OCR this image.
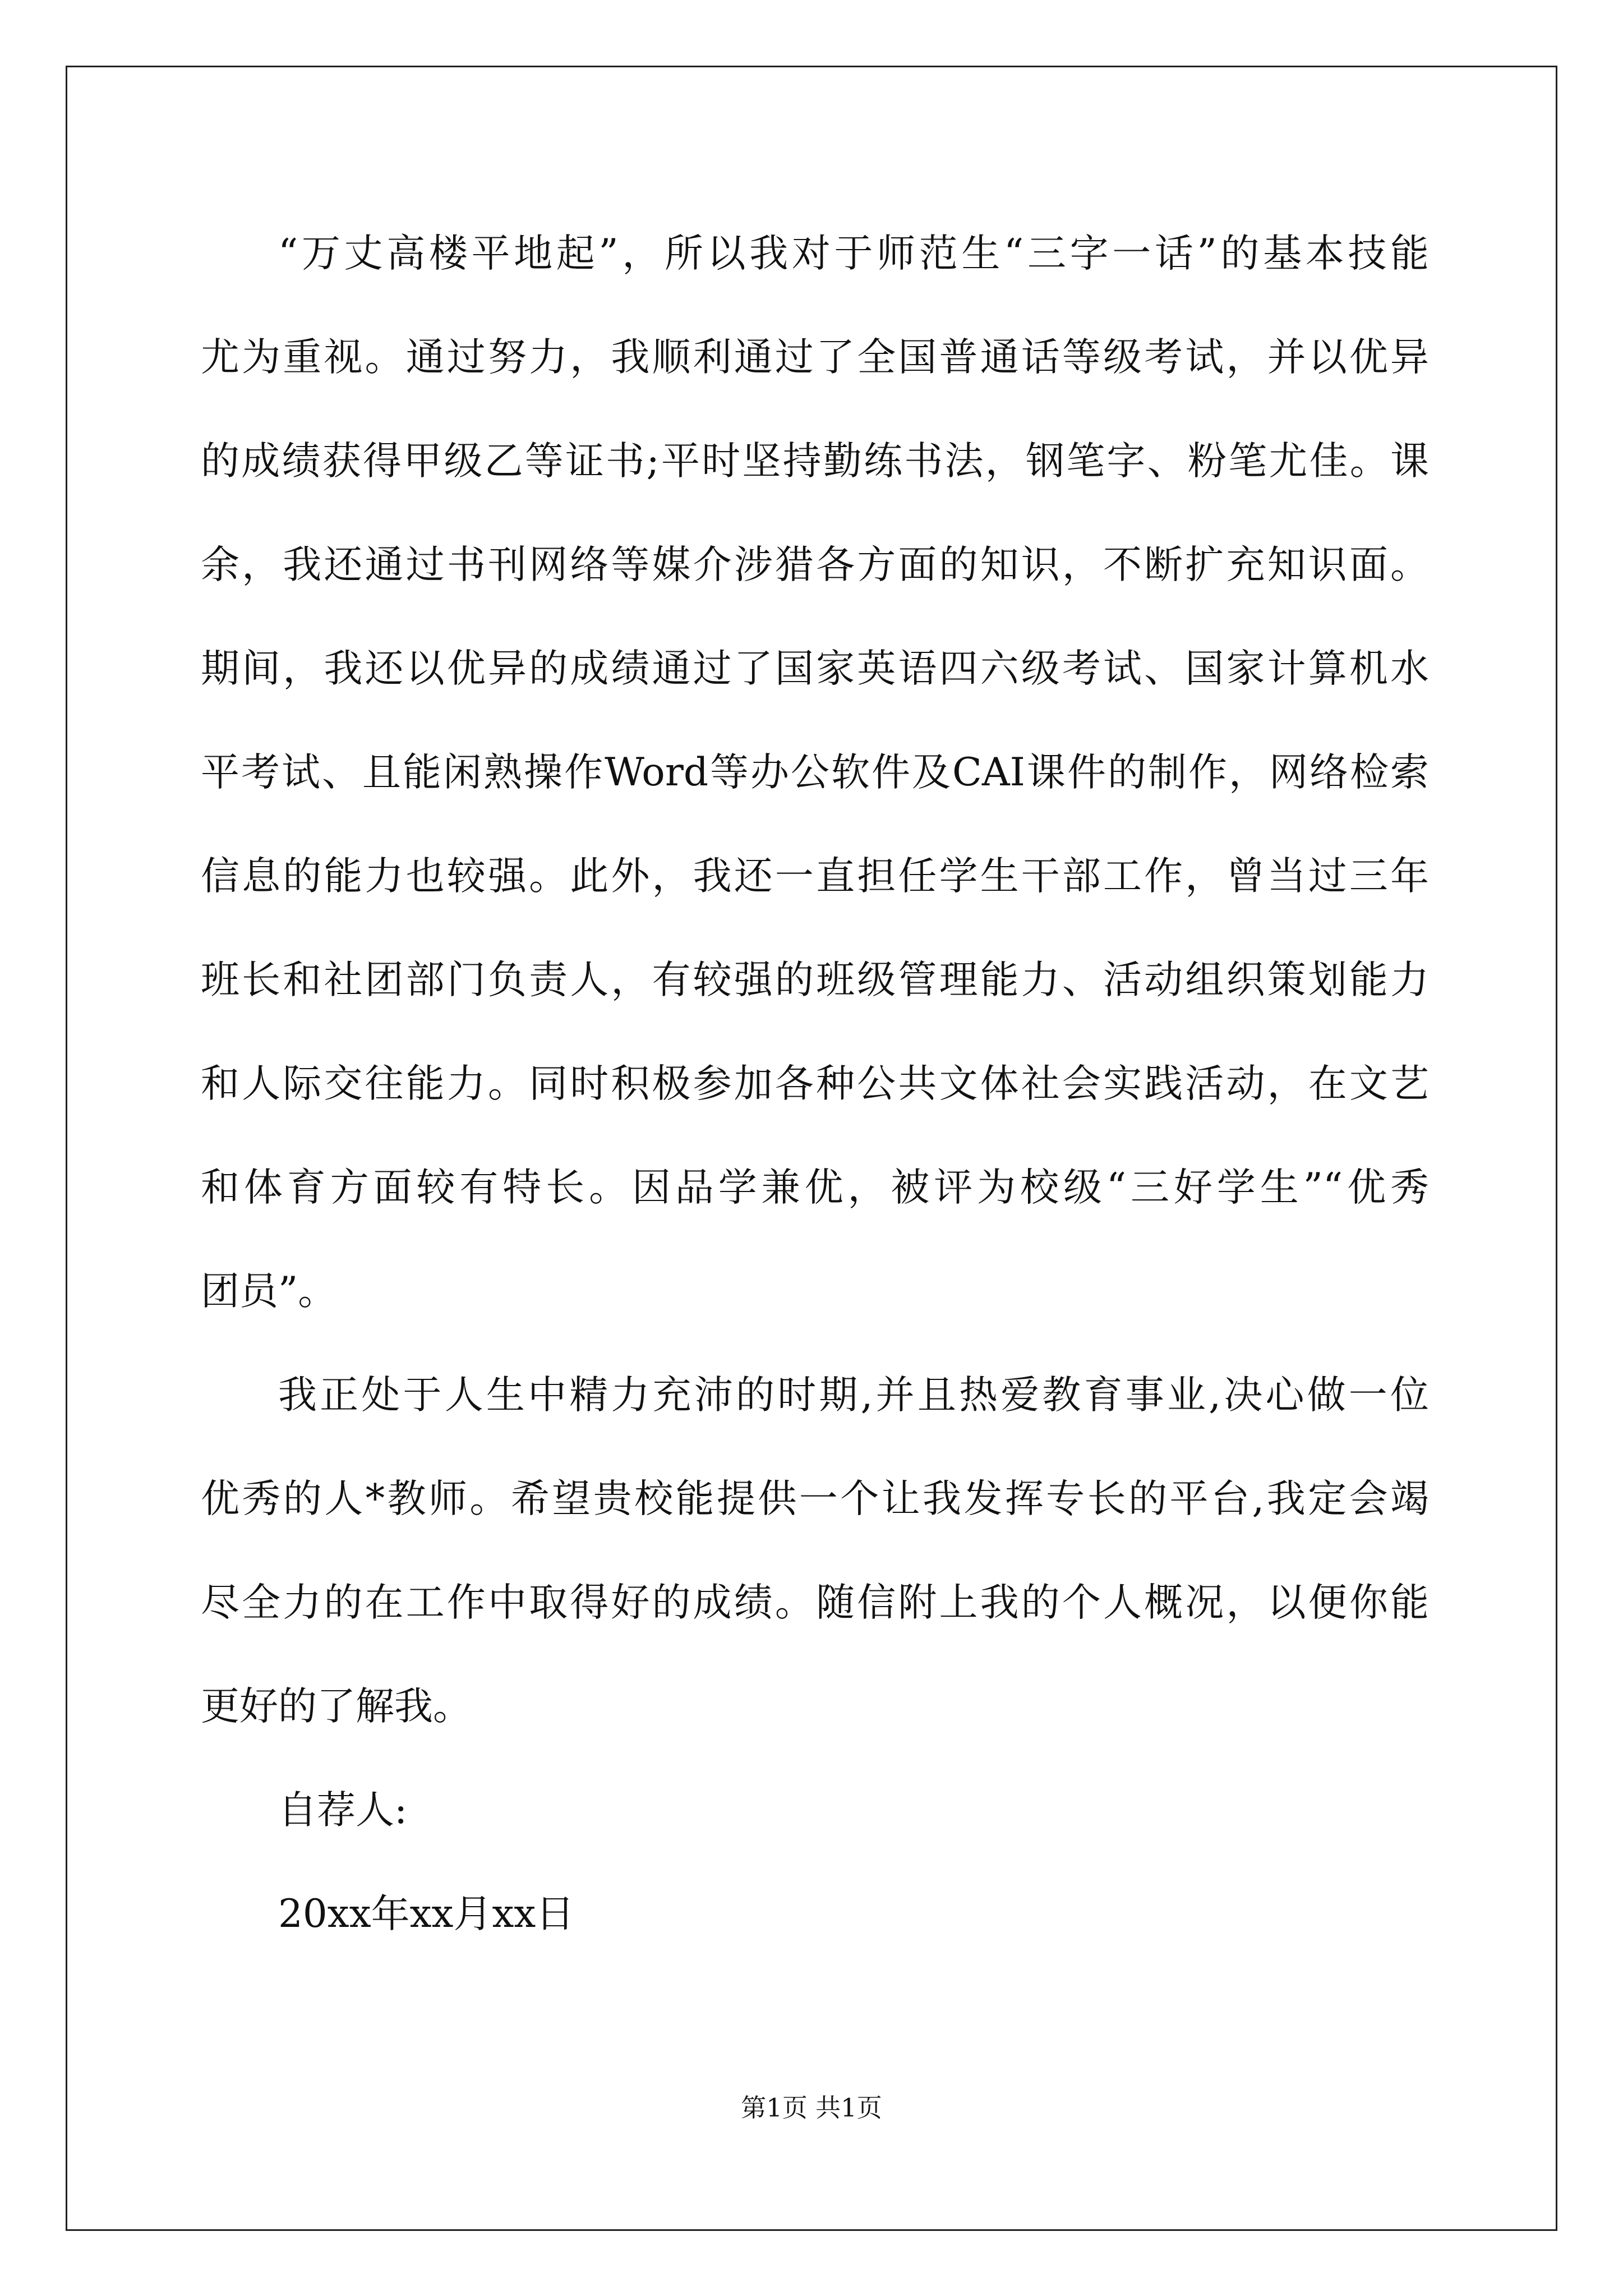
“万丈高楼平地起”，所以我对于师范生“三字一话”的基本技能
尤为重视。通过努力，我顺利通过了全国普通话等级考试，并以优异
的成绩获得甲级乙等证书;平时坚持勤练书法，钢笔字、粉笔尤佳。课
余，我还通过书刊网络等媒介涉猎各方面的知识，不断扩充知识面。
期间，我还以优异的成绩通过了国家英语四六级考试、国家计算机水
平考试、且能闲熟操作Word等办公软件及CAI课件的制作，网络检索
信息的能力也较强。此外，我还一直担任学生干部工作，曾当过三年
班长和社团部门负责人，有较强的班级管理能力、活动组织策划能力
和人际交往能力。同时积极参加各种公共文体社会实践活动，在文艺
和体育方面较有特长。因品学兼优，被评为校级“三好学生”“优秀
团员”。
我正处于人生中精力充沛的时期,并且热爱教育事业,决心做一位
优秀的人*教师。希望贵校能提供一个让我发挥专长的平台,我定会竭
尽全力的在工作中取得好的成绩。随信附上我的个人概况，以便你能
更好的了解我。
自荐人:
20xx年xx月xx日
第1页 共1页
